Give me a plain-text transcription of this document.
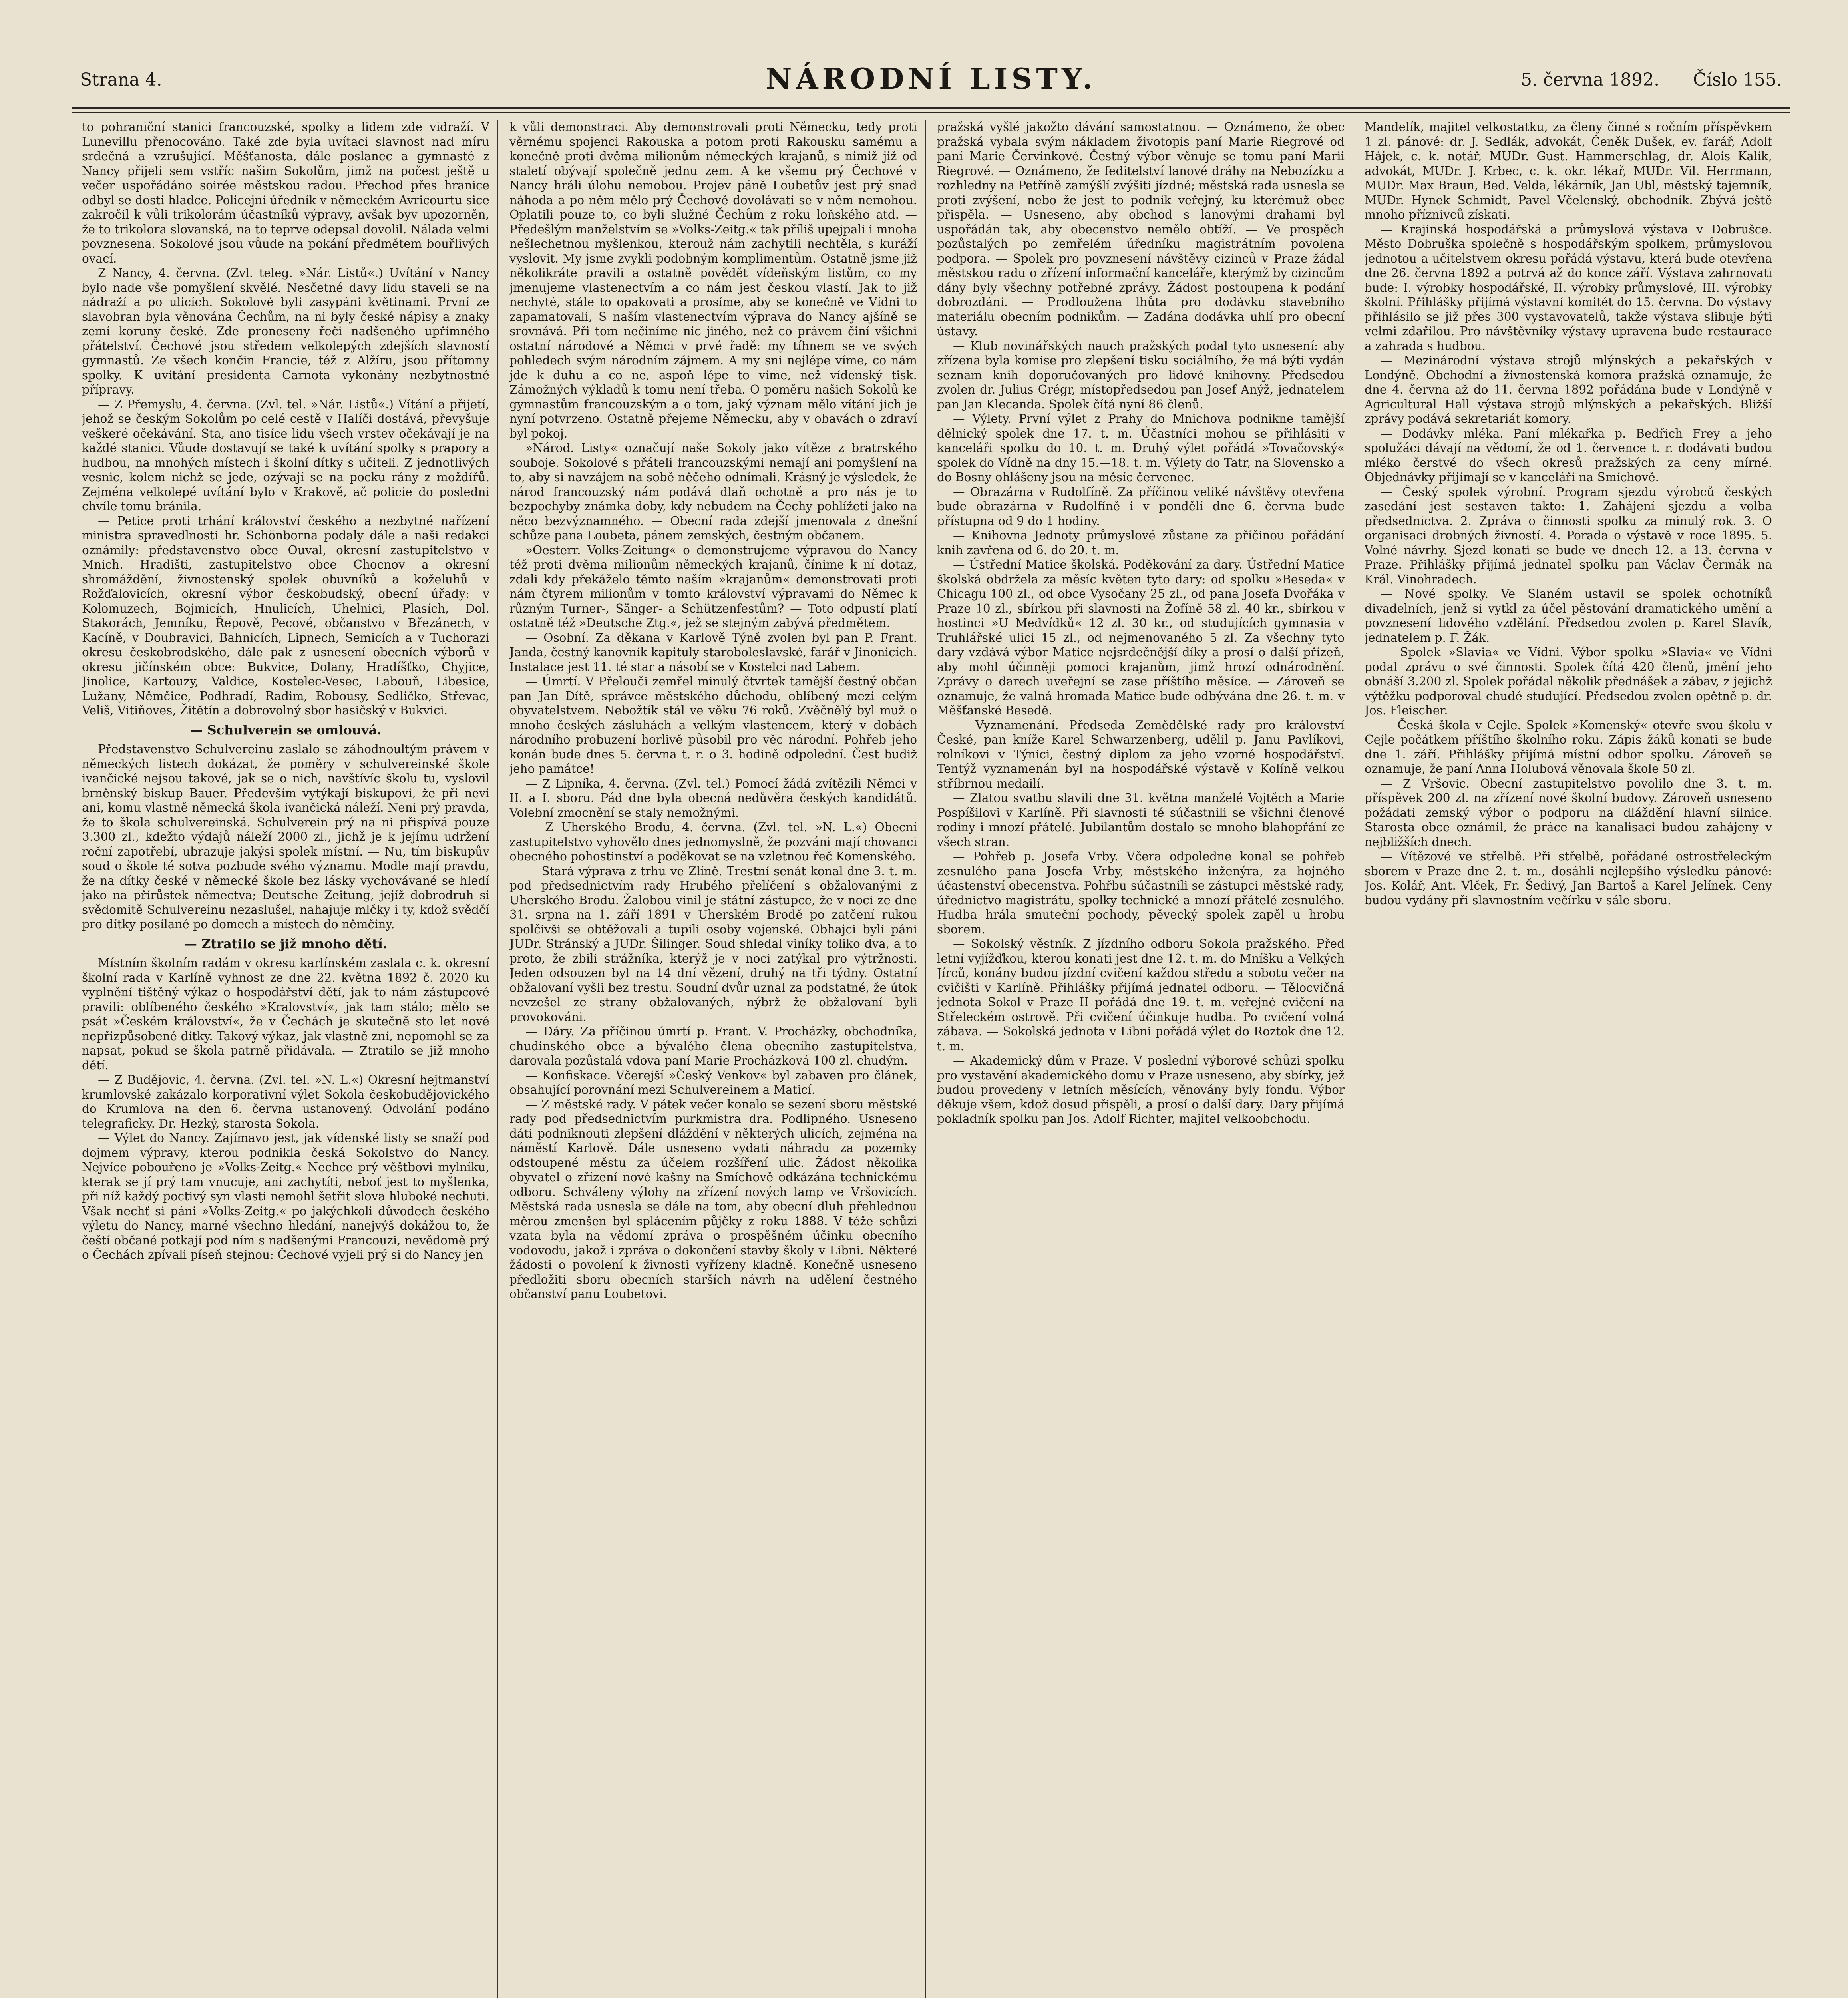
Strana 4.	NÁRODNÍ LISTY.	5. června 1892. Číslo 155.

to pohraniční stanici francouzské, spolky a lidem zde vidraží. V Lunevillu přenocováno. Také zde byla uvítaci slavnost nad míru srdečná a vzrušující. Měšťanosta, dále poslanec a gymnasté z Nancy přijeli sem vstříc našim Sokolům, jimž na počest ještě u večer uspořádáno soirée městskou radou. Přechod přes hranice odbyl se dosti hladce. Policejní úředník v německém Avricourtu sice zakročil k vůli trikolorám účastníků výpravy, avšak byv upozorněn, že to trikolora slovanská, na to teprve odepsal dovolil. Nálada velmi povznesena. Sokolové jsou vůude na pokání předmětem bouřlivých ovací.

Z Nancy, 4. června. (Zvl. teleg. »Nár. Listů«.) Uvítání v Nancy bylo nade vše pomyšlení skvělé. Nesčetné davy lidu staveli se na nádraží a po ulicích. Sokolové byli zasypáni květinami. První ze slavobran byla věnována Čechům, na ni byly české nápisy a znaky zemí koruny české. Zde proneseny řeči nadšeného upřímného přátelství. Čechové jsou středem velkolepých zdejších slavností gymnastů. Ze všech končin Francie, též z Alžíru, jsou přítomny spolky. K uvítání presidenta Carnota vykonány nezbytnostné přípravy.

— Z Přemyslu, 4. června. (Zvl. tel. »Nár. Listů«.) Vítání a přijetí, jehož se českým Sokolům po celé cestě v Halíči dostává, převyšuje veškeré očekávání. Sta, ano tisíce lidu všech vrstev očekávají je na každé stanici. Vůude dostavují se také k uvítání spolky s prapory a hudbou, na mnohých místech i školní dítky s učiteli. Z jednotlivých vesnic, kolem nichž se jede, ozývají se na pocku rány z moždířů. Zejména velkolepé uvítání bylo v Krakově, ač policie do posledni chvíle tomu bránila.

— Petice proti trhání království českého a nezbytné nařízení ministra spravedlnosti hr. Schönborna podaly dále a naši redakci oznámily: představenstvo obce Ouval, okresní zastupitelstvo v Mnich. Hradišti, zastupitelstvo obce Chocnov a okresní shromáždění, živnostenský spolek obuvníků a koželuhů v Rožďalovicích, okresní výbor českobudský, obecní úřady: v Kolomuzech, Bojmicích, Hnulicích, Uhelnici, Plasích, Dol. Stakorách, Jemníku, Řepově, Pecové, občanstvo v Březánech, v Kacíně, v Doubravici, Bahnicích, Lipnech, Semicích a v Tuchorazi okresu českobrodského, dále pak z usnesení obecních výborů v okresu jičínském obce: Bukvice, Dolany, Hradíšťko, Chyjice, Jinolice, Kartouzy, Valdice, Kostelec-Vesec, Labouň, Libesice, Lužany, Němčice, Podhradí, Radim, Robousy, Sedličko, Střevac, Veliš, Vitiňoves, Žitětín a dobrovolný sbor hasičský v Bukvici.

— Schulverein se omlouvá.

Představenstvo Schulvereinu zaslalo se záhodnoultým právem v německých listech dokázat, že poměry v schulvereinské škole ivančické nejsou takové, jak se o nich, navštívíc školu tu, vyslovil brněnský biskup Bauer. Především vytýkají biskupovi, že při nevi ani, komu vlastně německá škola ivančická náleží. Neni prý pravda, že to škola schulvereinská. Schulverein prý na ni přispívá pouze 3.300 zl., kdežto výdajů náleží 2000 zl., jichž je k jejímu udržení roční zapotřebí, ubrazuje jakýsi spolek místní. — Nu, tím biskupův soud o škole té sotva pozbude svého významu. Modle mají pravdu, že na dítky české v německé škole bez lásky vychovávané se hledí jako na přírůstek němectva; Deutsche Zeitung, jejíž dobrodruh si svědomitě Schulvereinu nezaslušel, nahajuje mlčky i ty, kdož svědčí pro dítky posílané po domech a místech do němčiny.

— Ztratilo se již mnoho dětí.

Místním školním radám v okresu karlínském zaslala c. k. okresní školní rada v Karlíně vyhnost ze dne 22. května 1892 č. 2020 ku vyplnění tištěný výkaz o hospodářství dětí, jak to nám zástupcové pravili: oblíbeného českého »Kralovství«, jak tam stálo; mělo se psát »Českém království«, že v Čechách je skutečně sto let nové nepřizpůsobené dítky. Takový výkaz, jak vlastně zní, nepomohl se za napsat, pokud se škola patrně přidávala. — Ztratilo se již mnoho dětí.

— Z Budějovic, 4. června. (Zvl. tel. »N. L.«) Okresní hejtmanství krumlovské zakázalo korporativní výlet Sokola českobudějovického do Krumlova na den 6. června ustanovený. Odvolání podáno telegraficky. Dr. Hezký, starosta Sokola.

— Výlet do Nancy. Zajímavo jest, jak vídenské listy se snaží pod dojmem výpravy, kterou podnikla česká Sokolstvo do Nancy. Nejvíce pobouřeno je »Volks-Zeitg.« Nechce prý věštbovi mylníku, kterak se jí prý tam vnucuje, ani zachytíti, neboť jest to myšlenka, při níž každý poctivý syn vlasti nemohl šetřit slova hluboké nechuti. Však nechť si páni »Volks-Zeitg.« po jakýchkoli důvodech českého výletu do Nancy, marné všechno hledání, nanejvýš dokážou to, že čeští občané potkají pod ním s nadšenými Francouzi, nevědomě prý o Čechách zpívali píseň stejnou: Čechové vyjeli prý si do Nancy jen

k vůli demonstraci. Aby demonstrovali proti Německu, tedy proti věrnému spojenci Rakouska a potom proti Rakousku samému a konečně proti dvěma milionům německých krajanů, s nimiž již od staletí obývají společně jednu zem. A ke všemu prý Čechové v Nancy hráli úlohu nemobou. Projev páně Loubetův jest prý snad náhoda a po něm mělo prý Čechově dovolávati se v něm nemohou. Oplatili pouze to, co byli služné Čechům z roku loňského atd. — Předešlým manželstvím se »Volks-Zeitg.« tak příliš upejpali i mnoha nešlechetnou myšlenkou, kterouž nám zachytili nechtěla, s kuráží vyslovit. My jsme zvykli podobným komplimentům. Ostatně jsme již několikráte pravili a ostatně povědět vídeňským listům, co my jmenujeme vlastenectvím a co nám jest českou vlastí. Jak to již nechyté, stále to opakovati a prosíme, aby se konečně ve Vídni to zapamatovali, S naším vlastenectvím výprava do Nancy ajšíně se srovnává. Při tom nečiníme nic jiného, než co právem činí všichni ostatní národové a Němci v prvé řadě: my tíhnem se ve svých pohledech svým národním zájmem. A my sni nejlépe víme, co nám jde k duhu a co ne, aspoň lépe to víme, než vídenský tisk. Zámožných výkladů k tomu není třeba. O poměru našich Sokolů ke gymnastům francouzským a o tom, jaký význam mělo vítání jich je nyní potvrzeno. Ostatně přejeme Německu, aby v obavách o zdraví byl pokoj.

»Národ. Listy« označují naše Sokoly jako vítěze z bratrského souboje. Sokolové s přáteli francouzskými nemají ani pomyšlení na to, aby si navzájem na sobě něčeho odnímali. Krásný je výsledek, že národ francouzský nám podává dlaň ochotně a pro nás je to bezpochyby známka doby, kdy nebudem na Čechy pohlížeti jako na něco bezvýznamného. — Obecní rada zdejší jmenovala z dnešní schůze pana Loubeta, pánem zemských, čestným občanem.

»Oesterr. Volks-Zeitung« o demonstrujeme výpravou do Nancy též proti dvěma milionům německých krajanů, čínime k ní dotaz, zdali kdy překáželo těmto naším »krajanům« demonstrovati proti nám čtyrem milionům v tomto království výpravami do Němec k různým Turner-, Sänger- a Schützenfestům? — Toto odpustí platí ostatně též »Deutsche Ztg.«, jež se stejným zabývá předmětem.

— Osobní. Za děkana v Karlově Týně zvolen byl pan P. Frant. Janda, čestný kanovník kapituly staroboleslavské, farář v Jinonicích. Instalace jest 11. té star a násobí se v Kostelci nad Labem.

— Úmrtí. V Přelouči zemřel minulý čtvrtek tamější čestný občan pan Jan Dítě, správce městského důchodu, oblíbený mezi celým obyvatelstvem. Nebožtík stál ve věku 76 roků. Zvěčnělý byl muž o mnoho českých zásluhách a velkým vlastencem, který v dobách národního probuzení horlivě působil pro věc národní. Pohřeb jeho konán bude dnes 5. června t. r. o 3. hodině odpolední. Čest budiž jeho památce!

— Z Lipníka, 4. června. (Zvl. tel.) Pomocí žádá zvítězili Němci v II. a I. sboru. Pád dne byla obecná nedůvěra českých kandidátů. Volební zmocnění se staly nemožnými.

— Z Uherského Brodu, 4. června. (Zvl. tel. »N. L.«) Obecní zastupitelstvo vyhovělo dnes jednomyslně, že pozváni mají chovanci obecného pohostinství a poděkovat se na vzletnou řeč Komenského.

— Stará výprava z trhu ve Zlíně. Trestní senát konal dne 3. t. m. pod předsednictvím rady Hrubého přelíčení s obžalovanými z Uherského Brodu. Žalobou vinil je státní zástupce, že v noci ze dne 31. srpna na 1. září 1891 v Uherském Brodě po zatčení rukou spolčivši se obtěžovali a tupili osoby vojenské. Obhajci byli páni JUDr. Stránský a JUDr. Šilinger. Soud shledal viníky toliko dva, a to proto, že zbili strážníka, kterýž je v noci zatýkal pro výtržnosti. Jeden odsouzen byl na 14 dní vězení, druhý na tři týdny. Ostatní obžalovaní vyšli bez trestu. Soudní dvůr uznal za podstatné, že útok nevzešel ze strany obžalovaných, nýbrž že obžalovaní byli provokováni.

— Dáry. Za příčinou úmrtí p. Frant. V. Procházky, obchodníka, chudinského obce a bývalého člena obecního zastupitelstva, darovala pozůstalá vdova paní Marie Procházková 100 zl. chudým.

— Konfiskace. Včerejší »Český Venkov« byl zabaven pro článek, obsahující porovnání mezi Schulvereinem a Maticí.

— Z městské rady. V pátek večer konalo se sezení sboru městské rady pod předsednictvím purkmistra dra. Podlipného. Usneseno dáti podniknouti zlepšení dláždění v některých ulicích, zejména na náměstí Karlově. Dále usneseno vydati náhradu za pozemky odstoupené městu za účelem rozšíření ulic. Žádost několika obyvatel o zřízení nové kašny na Smíchově odkázána technickému odboru. Schváleny výlohy na zřízení nových lamp ve Vršovicích. Městská rada usnesla se dále na tom, aby obecní dluh přehlednou měrou zmenšen byl splácením půjčky z roku 1888. V téže schůzi vzata byla na vědomí zpráva o prospěšném účinku obecního vodovodu, jakož i zpráva o dokončení stavby školy v Libni. Některé žádosti o povolení k živnosti vyřízeny kladně. Konečně usneseno předložiti sboru obecních starších návrh na udělení čestného občanství panu Loubetovi.

pražská vyšlé jakožto dávání samostatnou. — Oznámeno, že obec pražská vybala svým nákladem životopis paní Marie Riegrové od paní Marie Červinkové. Čestný výbor věnuje se tomu paní Marii Riegrové. — Oznámeno, že feditelství lanové dráhy na Nebozízku a rozhledny na Petříně zamýšlí zvýšiti jízdné; městská rada usnesla se proti zvýšení, nebo že jest to podnik veřejný, ku kterémuž obec přispěla. — Usneseno, aby obchod s lanovými drahami byl uspořádán tak, aby obecenstvo nemělo obtíží. — Ve prospěch pozůstalých po zemřelém úředníku magistrátním povolena podpora. — Spolek pro povznesení návštěvy cizinců v Praze žádal městskou radu o zřízení informační kanceláře, kterýmž by cizincům dány byly všechny potřebné zprávy. Žádost postoupena k podání dobrozdání. — Prodloužena lhůta pro dodávku stavebního materiálu obecním podnikům. — Zadána dodávka uhlí pro obecní ústavy.

— Klub novinářských nauch pražských podal tyto usnesení: aby zřízena byla komise pro zlepšení tisku sociálního, že má býti vydán seznam knih doporučovaných pro lidové knihovny. Předsedou zvolen dr. Julius Grégr, místopředsedou pan Josef Anýž, jednatelem pan Jan Klecanda. Spolek čítá nyní 86 členů.

— Výlety. První výlet z Prahy do Mnichova podnikne tamější dělnický spolek dne 17. t. m. Účastníci mohou se přihlásiti v kanceláři spolku do 10. t. m. Druhý výlet pořádá »Tovačovský« spolek do Vídně na dny 15.—18. t. m. Výlety do Tatr, na Slovensko a do Bosny ohlášeny jsou na měsíc červenec.

— Obrazárna v Rudolfíně. Za příčinou veliké návštěvy otevřena bude obrazárna v Rudolfíně i v pondělí dne 6. června bude přístupna od 9 do 1 hodiny.

— Knihovna Jednoty průmyslové zůstane za příčinou pořádání knih zavřena od 6. do 20. t. m.

— Ústřední Matice školská. Poděkování za dary. Ústřední Matice školská obdržela za měsíc květen tyto dary: od spolku »Beseda« v Chicagu 100 zl., od obce Vysočany 25 zl., od pana Josefa Dvořáka v Praze 10 zl., sbírkou při slavnosti na Žofíně 58 zl. 40 kr., sbírkou v hostinci »U Medvídků« 12 zl. 30 kr., od studujících gymnasia v Truhlářské ulici 15 zl., od nejmenovaného 5 zl. Za všechny tyto dary vzdává výbor Matice nejsrdečnější díky a prosí o další přízeň, aby mohl účinněji pomoci krajanům, jimž hrozí odnárodnění. Zprávy o darech uveřejní se zase příštího měsíce. — Zároveň se oznamuje, že valná hromada Matice bude odbývána dne 26. t. m. v Měšťanské Besedě.

— Vyznamenání. Předseda Zemědělské rady pro království České, pan kníže Karel Schwarzenberg, udělil p. Janu Pavlíkovi, rolníkovi v Týnici, čestný diplom za jeho vzorné hospodářství. Tentýž vyznamenán byl na hospodářské výstavě v Kolíně velkou stříbrnou medailí.

— Zlatou svatbu slavili dne 31. května manželé Vojtěch a Marie Pospíšilovi v Karlíně. Při slavnosti té súčastnili se všichni členové rodiny i mnozí přátelé. Jubilantům dostalo se mnoho blahopřání ze všech stran.

— Pohřeb p. Josefa Vrby. Včera odpoledne konal se pohřeb zesnulého pana Josefa Vrby, městského inženýra, za hojného účastenství obecenstva. Pohřbu súčastnili se zástupci městské rady, úřednictvo magistrátu, spolky technické a mnozí přátelé zesnulého. Hudba hrála smuteční pochody, pěvecký spolek zapěl u hrobu sborem.

— Sokolský věstník. Z jízdního odboru Sokola pražského. Před letní vyjížďkou, kterou konati jest dne 12. t. m. do Mníšku a Velkých Jírců, konány budou jízdní cvičení každou středu a sobotu večer na cvičišti v Karlíně. Přihlášky přijímá jednatel odboru. — Tělocvičná jednota Sokol v Praze II pořádá dne 19. t. m. veřejné cvičení na Střeleckém ostrově. Při cvičení účinkuje hudba. Po cvičení volná zábava. — Sokolská jednota v Libni pořádá výlet do Roztok dne 12. t. m.

— Akademický dům v Praze. V poslední výborové schůzi spolku pro vystavění akademického domu v Praze usneseno, aby sbírky, jež budou provedeny v letních měsících, věnovány byly fondu. Výbor děkuje všem, kdož dosud přispěli, a prosí o další dary. Dary přijímá pokladník spolku pan Jos. Adolf Richter, majitel velkoobchodu.

Mandelík, majitel velkostatku, za členy činné s ročním příspěvkem 1 zl. pánové: dr. J. Sedlák, advokát, Čeněk Dušek, ev. farář, Adolf Hájek, c. k. notář, MUDr. Gust. Hammerschlag, dr. Alois Kalík, advokát, MUDr. J. Krbec, c. k. okr. lékař, MUDr. Vil. Herrmann, MUDr. Max Braun, Bed. Velda, lékárník, Jan Ubl, městský tajemník, MUDr. Hynek Schmidt, Pavel Včelenský, obchodník. Zbývá ještě mnoho příznivců získati.

— Krajinská hospodářská a průmyslová výstava v Dobrušce. Město Dobruška společně s hospodářským spolkem, průmyslovou jednotou a učitelstvem okresu pořádá výstavu, která bude otevřena dne 26. června 1892 a potrvá až do konce září. Výstava zahrnovati bude: I. výrobky hospodářské, II. výrobky průmyslové, III. výrobky školní. Přihlášky přijímá výstavní komitét do 15. června. Do výstavy přihlásilo se již přes 300 vystavovatelů, takže výstava slibuje býti velmi zdařilou. Pro návštěvníky výstavy upravena bude restaurace a zahrada s hudbou.

— Mezinárodní výstava strojů mlýnských a pekařských v Londýně. Obchodní a živnostenská komora pražská oznamuje, že dne 4. června až do 11. června 1892 pořádána bude v Londýně v Agricultural Hall výstava strojů mlýnských a pekařských. Bližší zprávy podává sekretariát komory.

— Dodávky mléka. Paní mlékařka p. Bedřich Frey a jeho spolužáci dávají na vědomí, že od 1. července t. r. dodávati budou mléko čerstvé do všech okresů pražských za ceny mírné. Objednávky přijímají se v kanceláři na Smíchově.

— Český spolek výrobní. Program sjezdu výrobců českých zasedání jest sestaven takto: 1. Zahájení sjezdu a volba předsednictva. 2. Zpráva o činnosti spolku za minulý rok. 3. O organisaci drobných živností. 4. Porada o výstavě v roce 1895. 5. Volné návrhy. Sjezd konati se bude ve dnech 12. a 13. června v Praze. Přihlášky přijímá jednatel spolku pan Václav Čermák na Král. Vinohradech.

— Nové spolky. Ve Slaném ustavil se spolek ochotníků divadelních, jenž si vytkl za účel pěstování dramatického umění a povznesení lidového vzdělání. Předsedou zvolen p. Karel Slavík, jednatelem p. F. Žák.

— Spolek »Slavia« ve Vídni. Výbor spolku »Slavia« ve Vídni podal zprávu o své činnosti. Spolek čítá 420 členů, jmění jeho obnáší 3.200 zl. Spolek pořádal několik přednášek a zábav, z jejichž výtěžku podporoval chudé studující. Předsedou zvolen opětně p. dr. Jos. Fleischer.

— Česká škola v Cejle. Spolek »Komenský« otevře svou školu v Cejle počátkem příštího školního roku. Zápis žáků konati se bude dne 1. září. Přihlášky přijímá místní odbor spolku. Zároveň se oznamuje, že paní Anna Holubová věnovala škole 50 zl.

— Z Vršovic. Obecní zastupitelstvo povolilo dne 3. t. m. příspěvek 200 zl. na zřízení nové školní budovy. Zároveň usneseno požádati zemský výbor o podporu na dláždění hlavní silnice. Starosta obce oznámil, že práce na kanalisaci budou zahájeny v nejbližších dnech.

— Vítězové ve střelbě. Při střelbě, pořádané ostrostřeleckým sborem v Praze dne 2. t. m., dosáhli nejlepšího výsledku pánové: Jos. Kolář, Ant. Vlček, Fr. Šedivý, Jan Bartoš a Karel Jelínek. Ceny budou vydány při slavnostním večírku v sále sboru.
